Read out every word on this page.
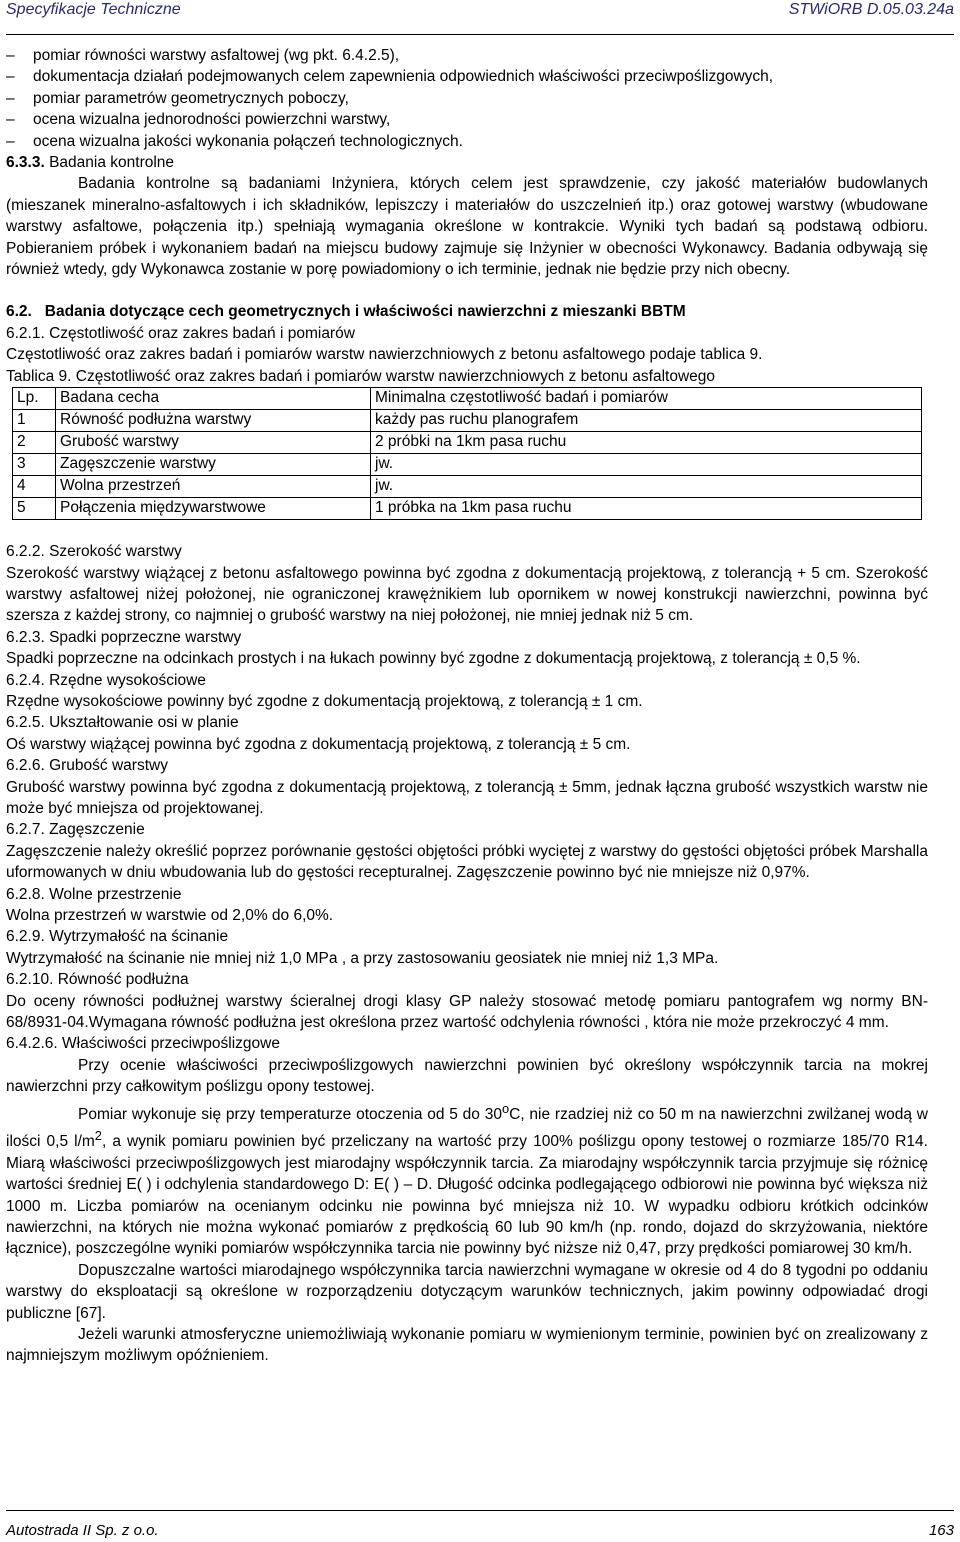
Specyfikacje Techniczne	STWiORB D.05.03.24a

– pomiar równości warstwy asfaltowej (wg pkt. 6.4.2.5),

– dokumentacja działań podejmowanych celem zapewnienia odpowiednich właściwości przeciwpoślizgowych,

– pomiar parametrów geometrycznych poboczy,

– ocena wizualna jednorodności powierzchni warstwy,

– ocena wizualna jakości wykonania połączeń technologicznych.

6.3.3. Badania kontrolne

Badania kontrolne są badaniami Inżyniera, których celem jest sprawdzenie, czy jakość materiałów budowlanych (mieszanek mineralno-asfaltowych i ich składników, lepiszczy i materiałów do uszczelnień itp.) oraz gotowej warstwy (wbudowane warstwy asfaltowe, połączenia itp.) spełniają wymagania określone w kontrakcie. Wyniki tych badań są podstawą odbioru. Pobieraniem próbek i wykonaniem badań na miejscu budowy zajmuje się Inżynier w obecności Wykonawcy. Badania odbywają się również wtedy, gdy Wykonawca zostanie w porę powiadomiony o ich terminie, jednak nie będzie przy nich obecny.

6.2. Badania dotyczące cech geometrycznych i właściwości nawierzchni z mieszanki BBTM

6.2.1. Częstotliwość oraz zakres badań i pomiarów

Częstotliwość oraz zakres badań i pomiarów warstw nawierzchniowych z betonu asfaltowego podaje tablica 9.

Tablica 9. Częstotliwość oraz zakres badań i pomiarów warstw nawierzchniowych z betonu asfaltowego

Lp.	Badana cecha	Minimalna częstotliwość badań i pomiarów
1	Równość podłużna warstwy	każdy pas ruchu planografem
2	Grubość warstwy	2 próbki na 1km pasa ruchu
3	Zagęszczenie warstwy	jw.
4	Wolna przestrzeń	jw.
5	Połączenia międzywarstwowe	1 próbka na 1km pasa ruchu

6.2.2. Szerokość warstwy

Szerokość warstwy wiążącej z betonu asfaltowego powinna być zgodna z dokumentacją projektową, z tolerancją + 5 cm. Szerokość warstwy asfaltowej niżej położonej, nie ograniczonej krawężnikiem lub opornikem w nowej konstrukcji nawierzchni, powinna być szersza z każdej strony, co najmniej o grubość warstwy na niej położonej, nie mniej jednak niż 5 cm.

6.2.3. Spadki poprzeczne warstwy

Spadki poprzeczne na odcinkach prostych i na łukach powinny być zgodne z dokumentacją projektową, z tolerancją ± 0,5 %.

6.2.4. Rzędne wysokościowe

Rzędne wysokościowe powinny być zgodne z dokumentacją projektową, z tolerancją ± 1 cm.

6.2.5. Ukształtowanie osi w planie

Oś warstwy wiążącej powinna być zgodna z dokumentacją projektową, z tolerancją ± 5 cm.

6.2.6. Grubość warstwy

Grubość warstwy powinna być zgodna z dokumentacją projektową, z tolerancją ± 5mm, jednak łączna grubość wszystkich warstw nie może być mniejsza od projektowanej.

6.2.7. Zagęszczenie

Zagęszczenie należy określić poprzez porównanie gęstości objętości próbki wyciętej z warstwy do gęstości objętości próbek Marshalla uformowanych w dniu wbudowania lub do gęstości recepturalnej. Zagęszczenie powinno być nie mniejsze niż 0,97%.

6.2.8. Wolne przestrzenie

Wolna przestrzeń w warstwie od 2,0% do 6,0%.

6.2.9. Wytrzymałość na ścinanie

Wytrzymałość na ścinanie nie mniej niż 1,0 MPa , a przy zastosowaniu geosiatek nie mniej niż 1,3 MPa.

6.2.10. Równość podłużna

Do oceny równości podłużnej warstwy ścieralnej drogi klasy GP należy stosować metodę pomiaru pantografem wg normy BN-68/8931-04.Wymagana równość podłużna jest określona przez wartość odchylenia równości , która nie może przekroczyć 4 mm.

6.4.2.6. Właściwości przeciwpoślizgowe

Przy ocenie właściwości przeciwpoślizgowych nawierzchni powinien być określony współczynnik tarcia na mokrej nawierzchni przy całkowitym poślizgu opony testowej.

Pomiar wykonuje się przy temperaturze otoczenia od 5 do 30$^o$C, nie rzadziej niż co 50 m na nawierzchni zwilżanej wodą w ilości 0,5 $l/m^2$, a wynik pomiaru powinien być przeliczany na wartość przy 100% poślizgu opony testowej o rozmiarze 185/70 R14. Miarą właściwości przeciwpoślizgowych jest miarodajny współczynnik tarcia. Za miarodajny współczynnik tarcia przyjmuje się różnicę wartości średniej E( ) i odchylenia standardowego D: E( ) – D. Długość odcinka podlegającego odbiorowi nie powinna być większa niż 1000 m. Liczba pomiarów na ocenianym odcinku nie powinna być mniejsza niż 10. W wypadku odbioru krótkich odcinków nawierzchni, na których nie można wykonać pomiarów z prędkością 60 lub 90 km/h (np. rondo, dojazd do skrzyżowania, niektóre łącznice), poszczególne wyniki pomiarów współczynnika tarcia nie powinny być niższe niż 0,47, przy prędkości pomiarowej 30 km/h.

Dopuszczalne wartości miarodajnego współczynnika tarcia nawierzchni wymagane w okresie od 4 do 8 tygodni po oddaniu warstwy do eksploatacji są określone w rozporządzeniu dotyczącym warunków technicznych, jakim powinny odpowiadać drogi publiczne [67].

Jeżeli warunki atmosferyczne uniemożliwiają wykonanie pomiaru w wymienionym terminie, powinien być on zrealizowany z najmniejszym możliwym opóźnieniem.

Autostrada II Sp. z o.o.	163
